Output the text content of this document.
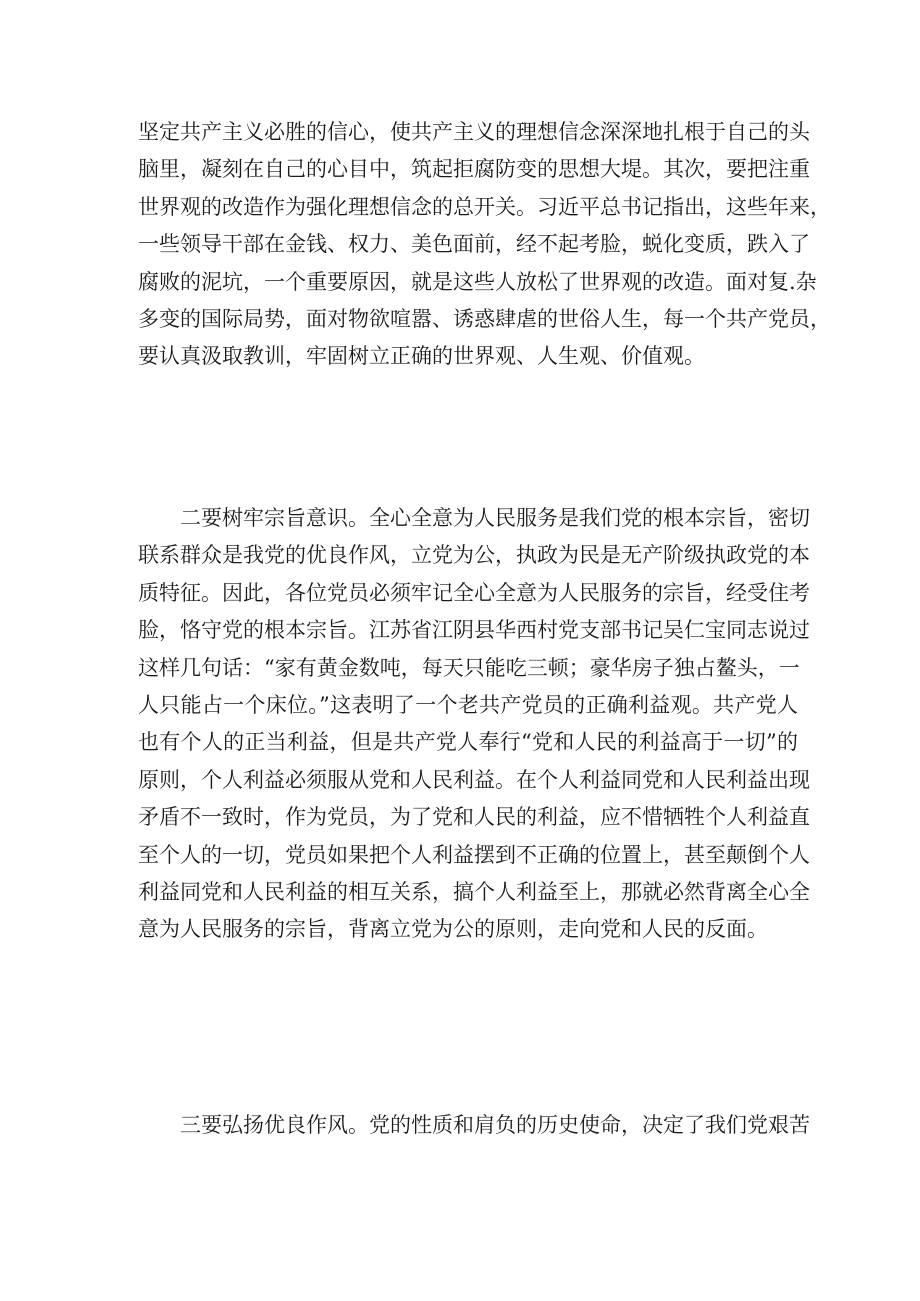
坚定共产主义必胜的信心，使共产主义的理想信念深深地扎根于自己的头
脑里，凝刻在自己的心目中，筑起拒腐防变的思想大堤。其次，要把注重
世界观的改造作为强化理想信念的总开关。习近平总书记指出，这些年来，
一些领导干部在金钱、权力、美色面前，经不起考脸，蜕化变质，跌入了
腐败的泥坑，一个重要原因，就是这些人放松了世界观的改造。面对复.杂
多变的国际局势，面对物欲喧嚣、诱惑肆虐的世俗人生，每一个共产党员，
要认真汲取教训，牢固树立正确的世界观、人生观、价值观。
二要树牢宗旨意识。全心全意为人民服务是我们党的根本宗旨，密切
联系群众是我党的优良作风，立党为公，执政为民是无产阶级执政党的本
质特征。因此，各位党员必须牢记全心全意为人民服务的宗旨，经受住考
脸，恪守党的根本宗旨。江苏省江阴县华西村党支部书记吴仁宝同志说过
这样几句话：“家有黄金数吨，每天只能吃三顿；豪华房子独占鳌头，一
人只能占一个床位。”这表明了一个老共产党员的正确利益观。共产党人
也有个人的正当利益，但是共产党人奉行“党和人民的利益高于一切”的
原则，个人利益必须服从党和人民利益。在个人利益同党和人民利益出现
矛盾不一致时，作为党员，为了党和人民的利益，应不惜牺牲个人利益直
至个人的一切，党员如果把个人利益摆到不正确的位置上，甚至颠倒个人
利益同党和人民利益的相互关系，搞个人利益至上，那就必然背离全心全
意为人民服务的宗旨，背离立党为公的原则，走向党和人民的反面。
三要弘扬优良作风。党的性质和肩负的历史使命，决定了我们党艰苦
